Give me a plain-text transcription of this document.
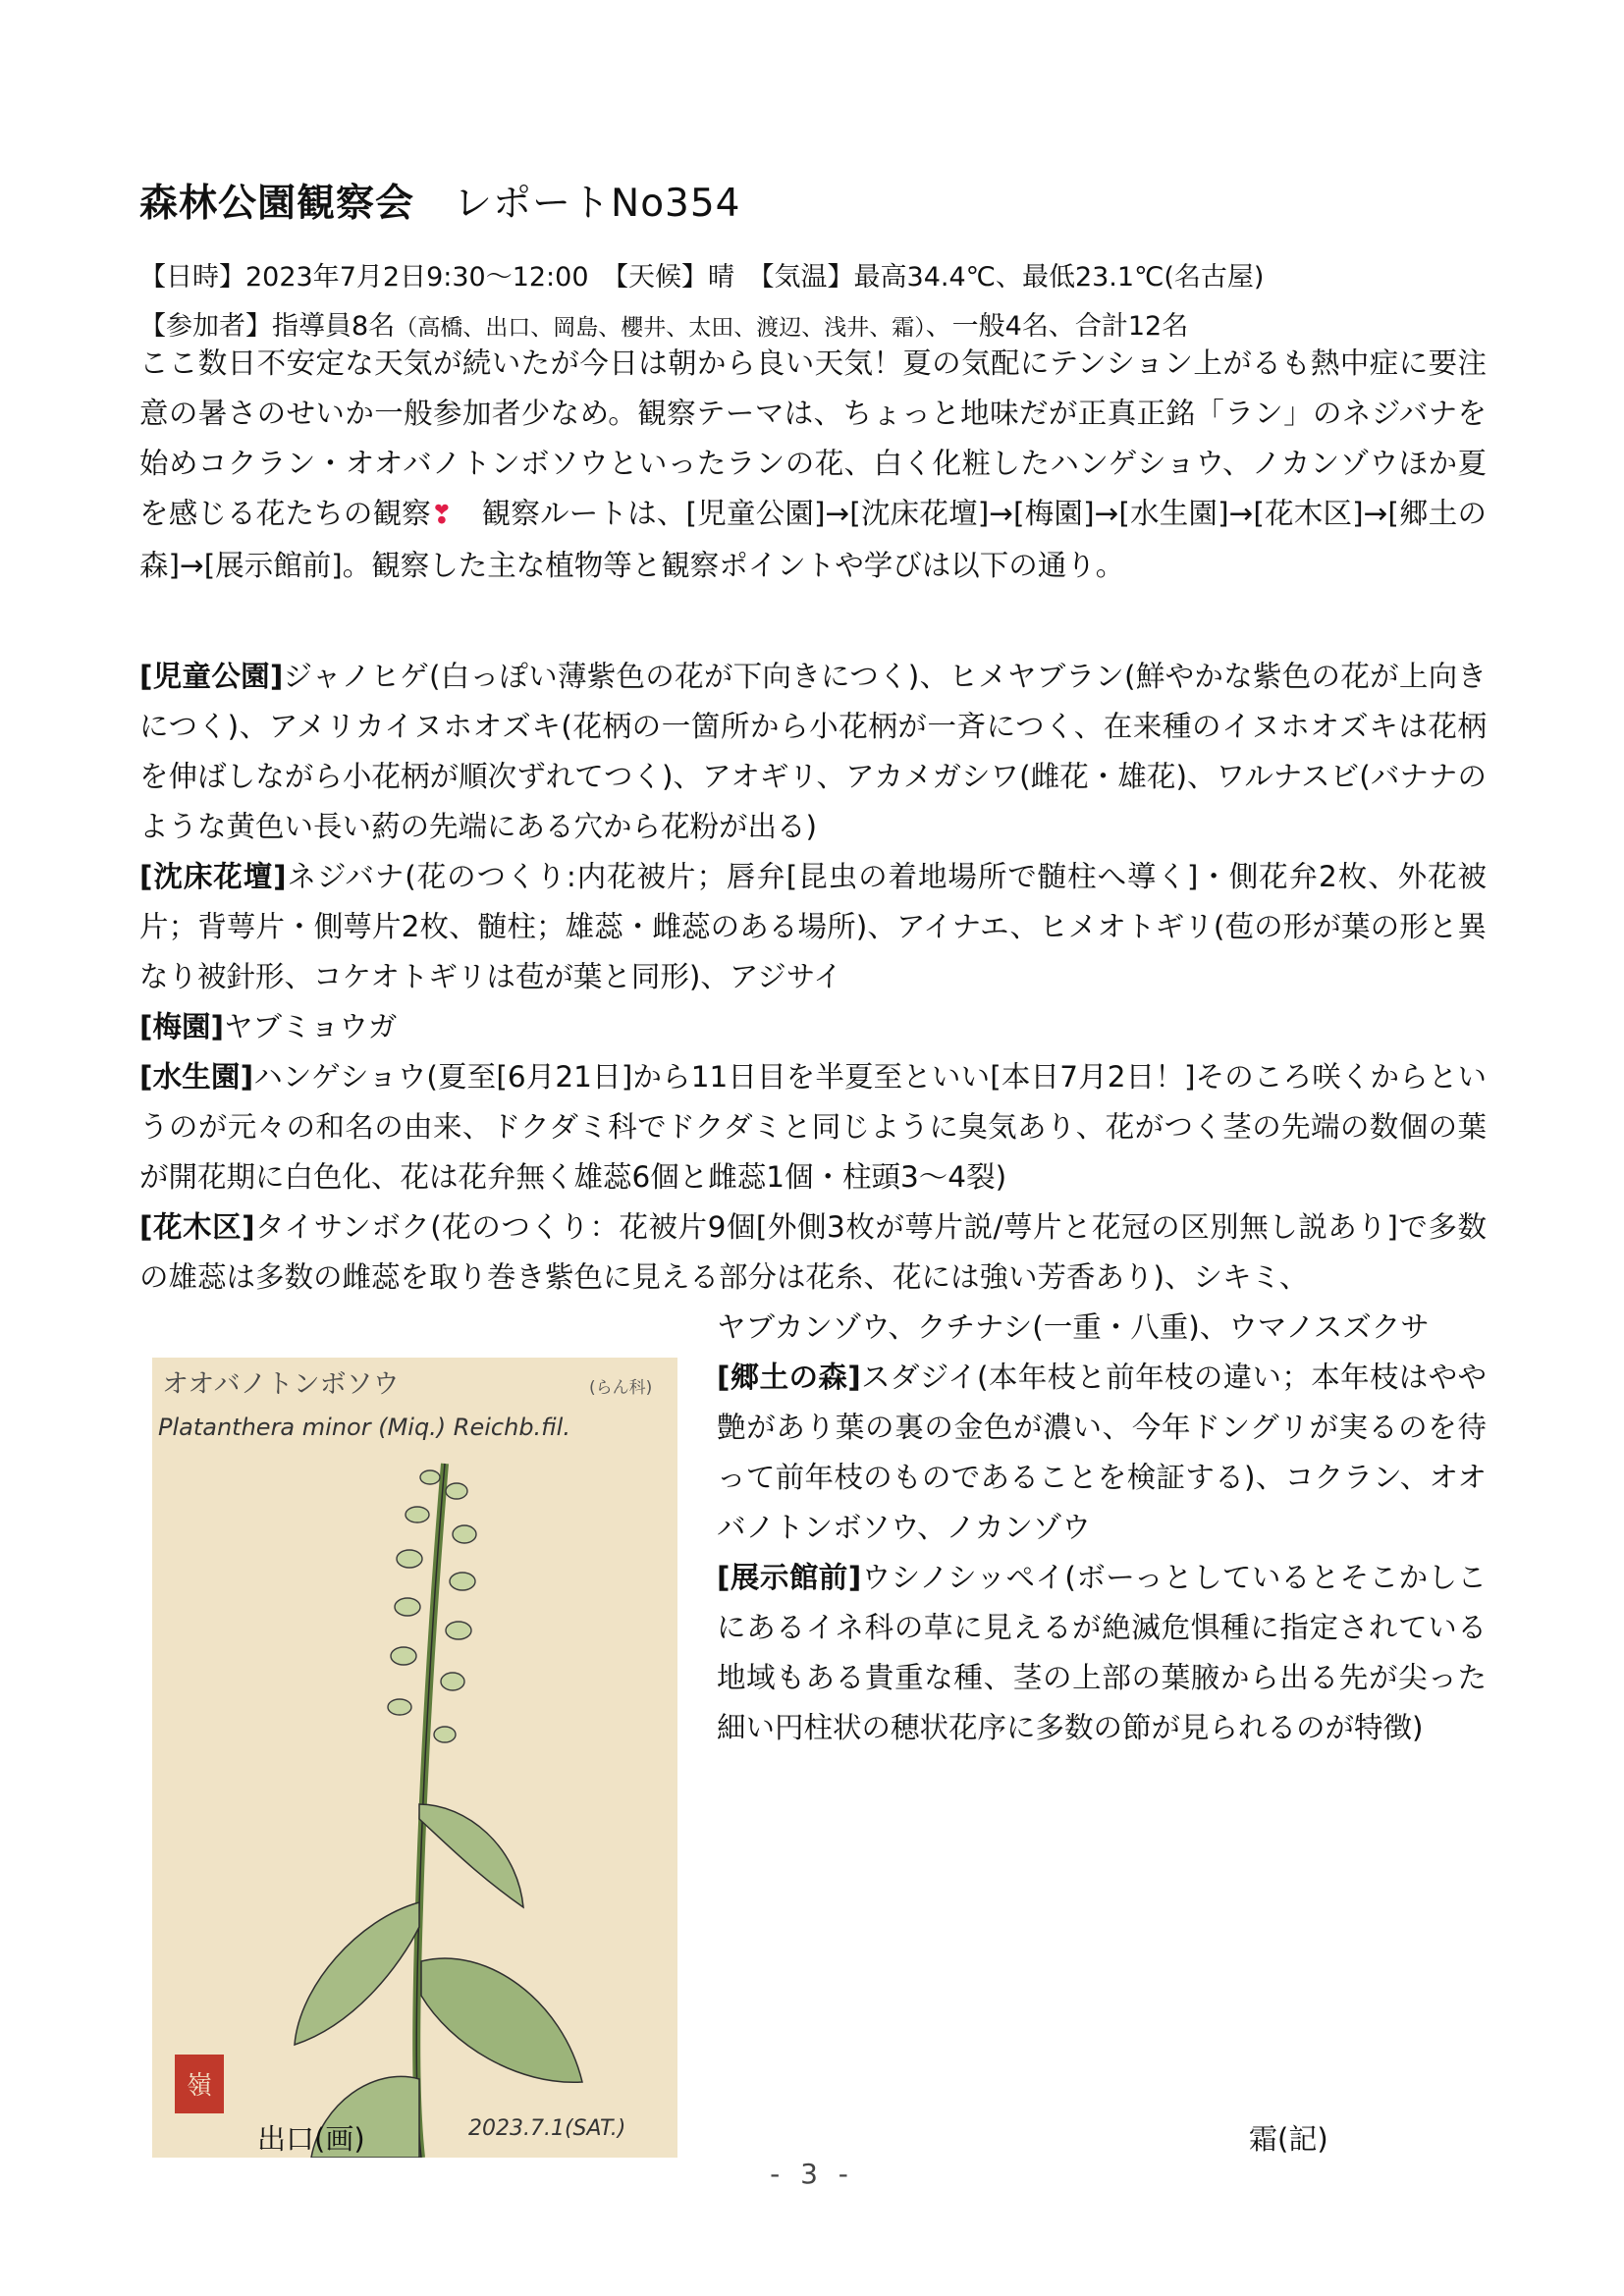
森林公園観察会 レポートNo354
【日時】2023年7月2日9:30～12:00　【天候】晴　【気温】最高34.4℃、最低23.1℃(名古屋)
【参加者】指導員8名（高橋、出口、岡島、櫻井、太田、渡辺、浅井、霜）、一般4名、合計12名

ここ数日不安定な天気が続いたが今日は朝から良い天気！夏の気配にテンション上がるも熱中症に要注意の暑さのせいか一般参加者少なめ。観察テーマは、ちょっと地味だが正真正銘「ラン」のネジバナを始めコクラン・オオバノトンボソウといったランの花、白く化粧したハンゲショウ、ノカンゾウほか夏を感じる花たちの観察❣　観察ルートは、[児童公園]→[沈床花壇]→[梅園]→[水生園]→[花木区]→[郷土の森]→[展示館前]。観察した主な植物等と観察ポイントや学びは以下の通り。

[児童公園]ジャノヒゲ(白っぽい薄紫色の花が下向きにつく)、ヒメヤブラン(鮮やかな紫色の花が上向きにつく)、アメリカイヌホオズキ(花柄の一箇所から小花柄が一斉につく、在来種のイヌホオズキは花柄を伸ばしながら小花柄が順次ずれてつく)、アオギリ、アカメガシワ(雌花・雄花)、ワルナスビ(バナナのような黄色い長い葯の先端にある穴から花粉が出る)

[沈床花壇]ネジバナ(花のつくり:内花被片；唇弁[昆虫の着地場所で髄柱へ導く]・側花弁2枚、外花被片；背萼片・側萼片2枚、髄柱；雄蕊・雌蕊のある場所)、アイナエ、ヒメオトギリ(苞の形が葉の形と異なり被針形、コケオトギリは苞が葉と同形)、アジサイ

[梅園]ヤブミョウガ

[水生園]ハンゲショウ(夏至[6月21日]から11日目を半夏至といい[本日7月2日！]そのころ咲くからというのが元々の和名の由来、ドクダミ科でドクダミと同じように臭気あり、花がつく茎の先端の数個の葉が開花期に白色化、花は花弁無く雄蕊6個と雌蕊1個・柱頭3～4裂)

[花木区]タイサンボク(花のつくり：花被片9個[外側3枚が萼片説/萼片と花冠の区別無し説あり]で多数の雄蕊は多数の雌蕊を取り巻き紫色に見える部分は花糸、花には強い芳香あり)、シキミ、

ヤブカンゾウ、クチナシ(一重・八重)、ウマノスズクサ

[郷土の森]スダジイ(本年枝と前年枝の違い；本年枝はやや艶があり葉の裏の金色が濃い、今年ドングリが実るのを待って前年枝のものであることを検証する)、コクラン、オオバノトンボソウ、ノカンゾウ

[展示館前]ウシノシッペイ(ボーっとしているとそこかしこにあるイネ科の草に見えるが絶滅危惧種に指定されている地域もある貴重な種、茎の上部の葉腋から出る先が尖った細い円柱状の穂状花序に多数の節が見られるのが特徴)

オオバノトンボソウ	(らん科)
Platanthera minor (Miq.) Reichb.fil.
嶺
2023.7.1(SAT.)
出口(画)	霜(記)
- 3 -
